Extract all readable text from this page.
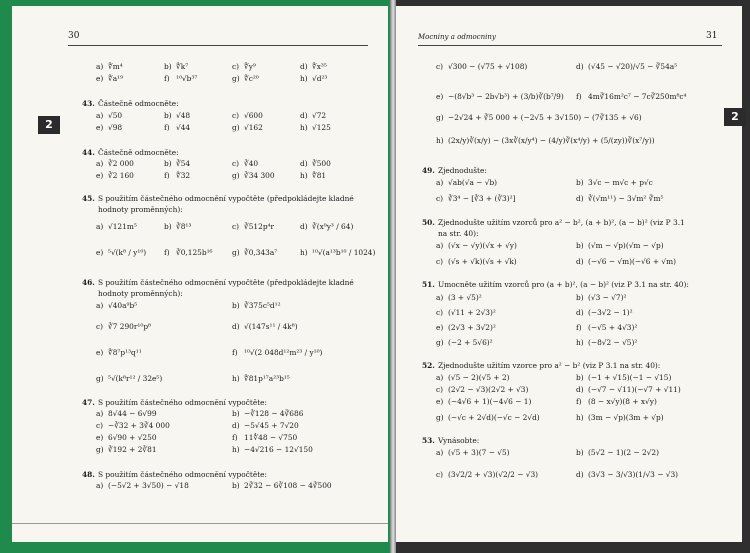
30
a) ∜m⁴	b) ∜k⁷	c) ∜y⁹	d) ∜x³⁵
e) ∜a¹⁹	f) ¹⁰√b³⁷	g) ∜c²⁰	h) √d²³
43. Částečně odmocněte:
a) √50	b) √48	c) √600	d) √72
e) √98	f) √44	g) √162	h) √125
44. Částečně odmocněte:
a) ∛2 000	b) ∛54	c) ∛40	d) ∛500
e) ∛2 160	f) ∜32	g) ∛34 300	h) ∜81
45. S použitím částečného odmocnění vypočtěte (předpokládejte kladné
hodnoty proměnných):
a) √121m⁵	b) ∛8¹³	c) ∛512p⁴r	d) ∛(x⁹y³ / 64)
e) ⁵√(k⁸ / y¹⁰) f) ∛0,125b¹⁶	g) ∛0,343a⁷	h) ¹⁰√(a¹³b¹⁰ / 1024)
46. S použitím částečného odmocnění vypočtěte (předpokládejte kladné
hodnoty proměnných):
a) √40a⁹b⁵	b) ∛375c⁵d¹²
c) ∛7 290r¹⁰p⁸	d) √(147s¹¹ / 4k⁸)
e) ∜8⁷p¹³q¹¹	f) ¹⁰√(2 048d¹²m²³ / y¹⁰)
g) ⁵√(k⁸r¹² / 32e⁵)	h) ∜81p¹⁷a²³b¹⁵
47. S použitím částečného odmocnění vypočtěte:
a) 8√44 − 6√99	b) −∛128 − 4∛686
c) −∛32 + 3∛4 000	d) −5√45 + 7√20
e) 6√90 + √250	f) 11∜48 − √750
g) ∛192 + 2∛81	h) −4√216 − 12√150
48. S použitím částečného odmocnění vypočtěte:
a) (−5√2 + 3√50) − √18	b) 2∛32 − 6∛108 − 4∛500
2
Mocniny a odmocniny	31
c) √300 − (√75 + √108)	d) (√45 − √20)/√5 − ∛54a⁵
e) −(8√b³ − 2b√b³) + (3/b)∛(b⁷/9) f) 4m∛16m²c⁷ − 7c∛250m⁸c⁴
g) −2√24 + ∛5 000 + (−2√5 + 3√150) − (7∛135 + √6)
h) (2x/y)∛(x/y) − (3x∛(x/y⁴) − (4/y)∛(x⁴/y) + (5/(zy))∛(x⁷/y))
49. Zjednodušte:
a) √ab(√a − √b)	b) 3√c − m√c + p√c
c) ∛3⁴ − [∛3 + (∛3)²]	d) ∛(√m¹¹) − 3√m² ∛m⁵
50. Zjednodušte užitím vzorců pro a² − b², (a + b)², (a − b)² (viz P 3.1
na str. 40):
a) (√x − √y)(√x + √y)	b) (√m − √p)(√m − √p)
c) (√s + √k)(√s + √k)	d) (−√6 − √m)(−√6 + √m)
51. Umocněte užitím vzorců pro (a + b)², (a − b)² (viz P 3.1 na str. 40):
a) (3 + √5)²	b) (√3 − √7)²
c) (√11 + 2√3)²	d) (−3√2 − 1)²
e) (2√3 + 3√2)²	f) (−√5 + 4√3)²
g) (−2 + 5√6)²	h) (−8√2 − √5)²
52. Zjednodušte užitím vzorce pro a² − b² (viz P 3.1 na str. 40):
a) (√5 − 2)(√5 + 2)	b) (−1 + √15)(−1 − √15)
c) (2√2 − √3)(2√2 + √3)	d) (−√7 − √11)(−√7 + √11)
e) (−4√6 + 1)(−4√6 − 1)	f) (8 − x√y)(8 + x√y)
g) (−√c + 2√d)(−√c − 2√d)	h) (3m − √p)(3m + √p)
53. Vynásobte:
a) (√5 + 3)(7 − √5)	b) (5√2 − 1)(2 − 2√2)
c) (3√2/2 + √3)(√2/2 − √3)	d) (3√3 − 3/√3)(1/√3 − √3)
2
